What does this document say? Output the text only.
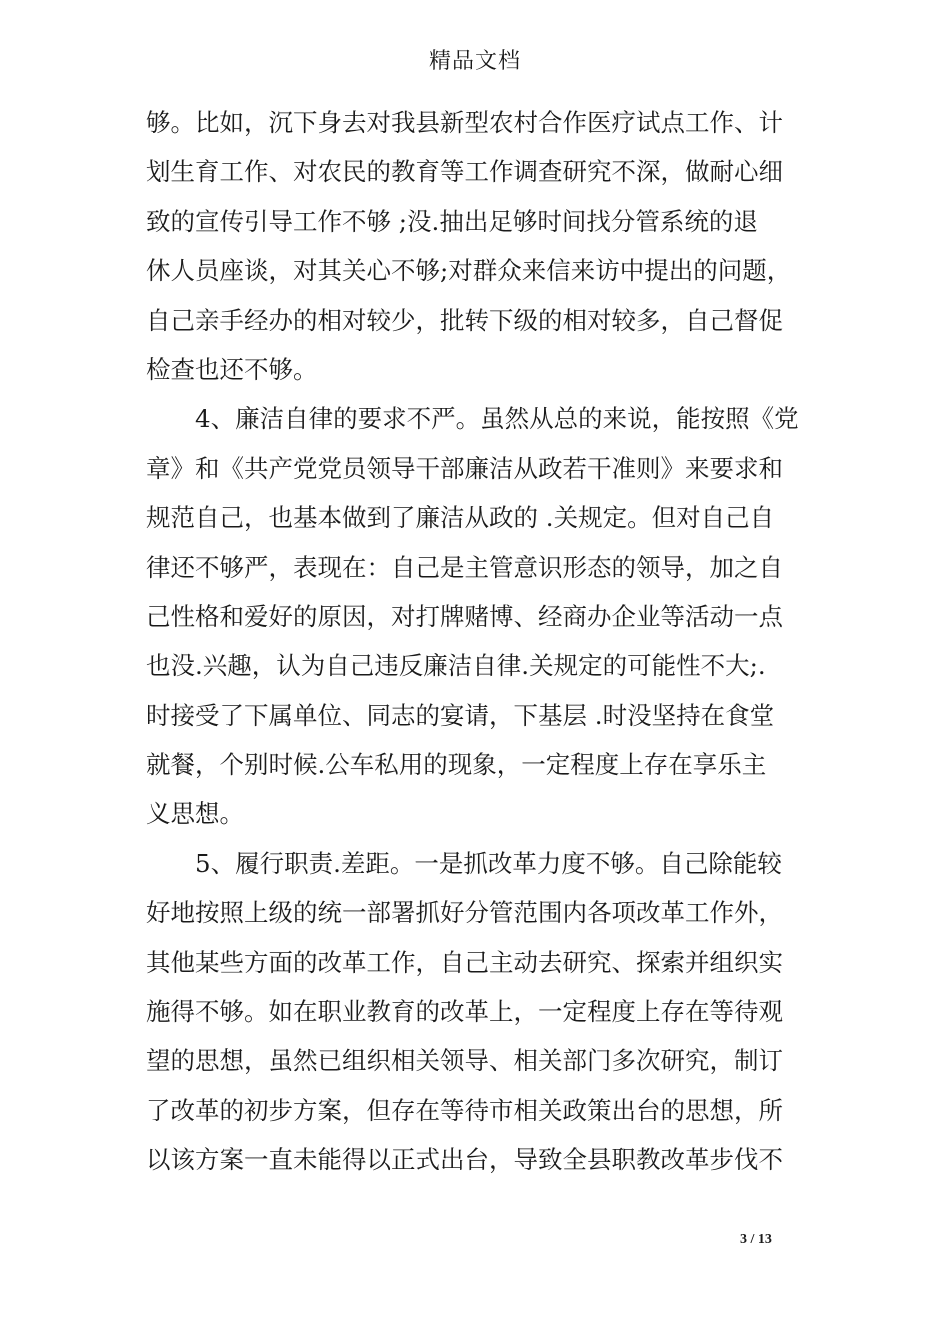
精品文档
够。比如，沉下身去对我县新型农村合作医疗试点工作、计
划生育工作、对农民的教育等工作调查研究不深，做耐心细
致的宣传引导工作不够 ;没.抽出足够时间找分管系统的退
休人员座谈，对其关心不够;对群众来信来访中提出的问题，
自己亲手经办的相对较少，批转下级的相对较多，自己督促
检查也还不够。
4、廉洁自律的要求不严。虽然从总的来说，能按照《党
章》和《共产党党员领导干部廉洁从政若干准则》来要求和
规范自己，也基本做到了廉洁从政的 .关规定。但对自己自
律还不够严，表现在：自己是主管意识形态的领导，加之自
己性格和爱好的原因，对打牌赌博、经商办企业等活动一点
也没.兴趣，认为自己违反廉洁自律.关规定的可能性不大;.
时接受了下属单位、同志的宴请，下基层 .时没坚持在食堂
就餐，个别时候.公车私用的现象，一定程度上存在享乐主
义思想。
5、履行职责.差距。一是抓改革力度不够。自己除能较
好地按照上级的统一部署抓好分管范围内各项改革工作外，
其他某些方面的改革工作，自己主动去研究、探索并组织实
施得不够。如在职业教育的改革上，一定程度上存在等待观
望的思想，虽然已组织相关领导、相关部门多次研究，制订
了改革的初步方案，但存在等待市相关政策出台的思想，所
以该方案一直未能得以正式出台，导致全县职教改革步伐不
3 / 13
